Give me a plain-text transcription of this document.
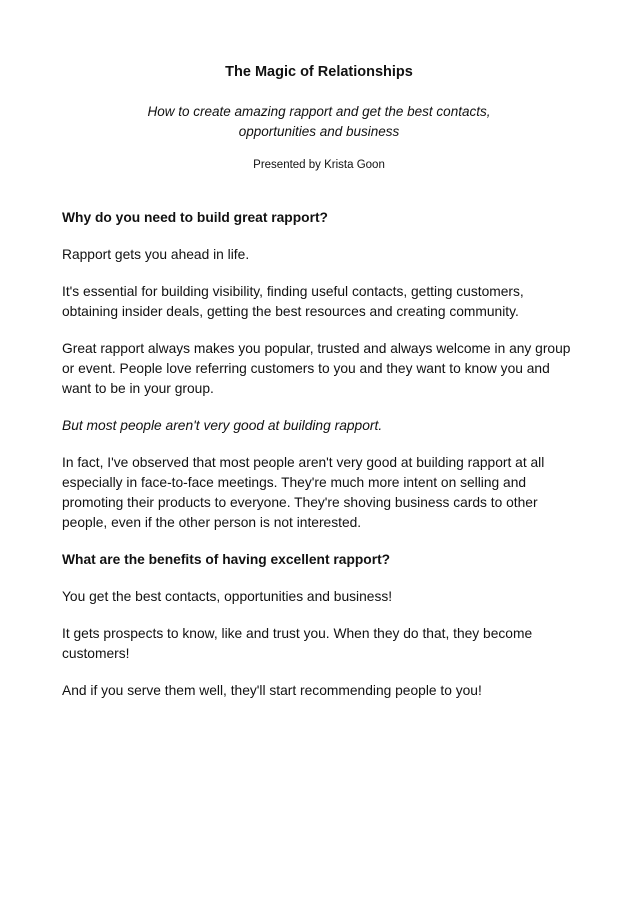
The Magic of Relationships
How to create amazing rapport and get the best contacts, opportunities and business
Presented by Krista Goon

Why do you need to build great rapport?

Rapport gets you ahead in life.

It's essential for building visibility, finding useful contacts, getting customers, obtaining insider deals, getting the best resources and creating community.

Great rapport always makes you popular, trusted and always welcome in any group or event. People love referring customers to you and they want to know you and want to be in your group.

But most people aren't very good at building rapport.

In fact, I've observed that most people aren't very good at building rapport at all especially in face-to-face meetings. They're much more intent on selling and promoting their products to everyone. They're shoving business cards to other people, even if the other person is not interested.

What are the benefits of having excellent rapport?

You get the best contacts, opportunities and business!

It gets prospects to know, like and trust you. When they do that, they become customers!

And if you serve them well, they'll start recommending people to you!
